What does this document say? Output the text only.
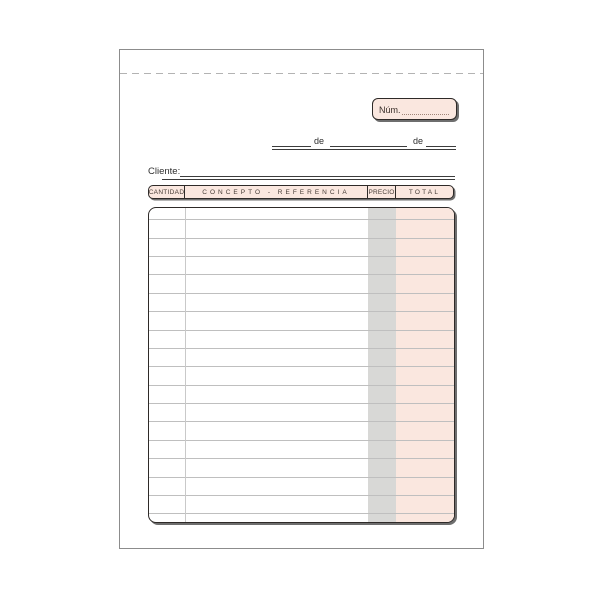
Núm.
de	de
Cliente:
CANTIDAD	CONCEPTO - REFERENCIA	PRECIO	TOTAL
